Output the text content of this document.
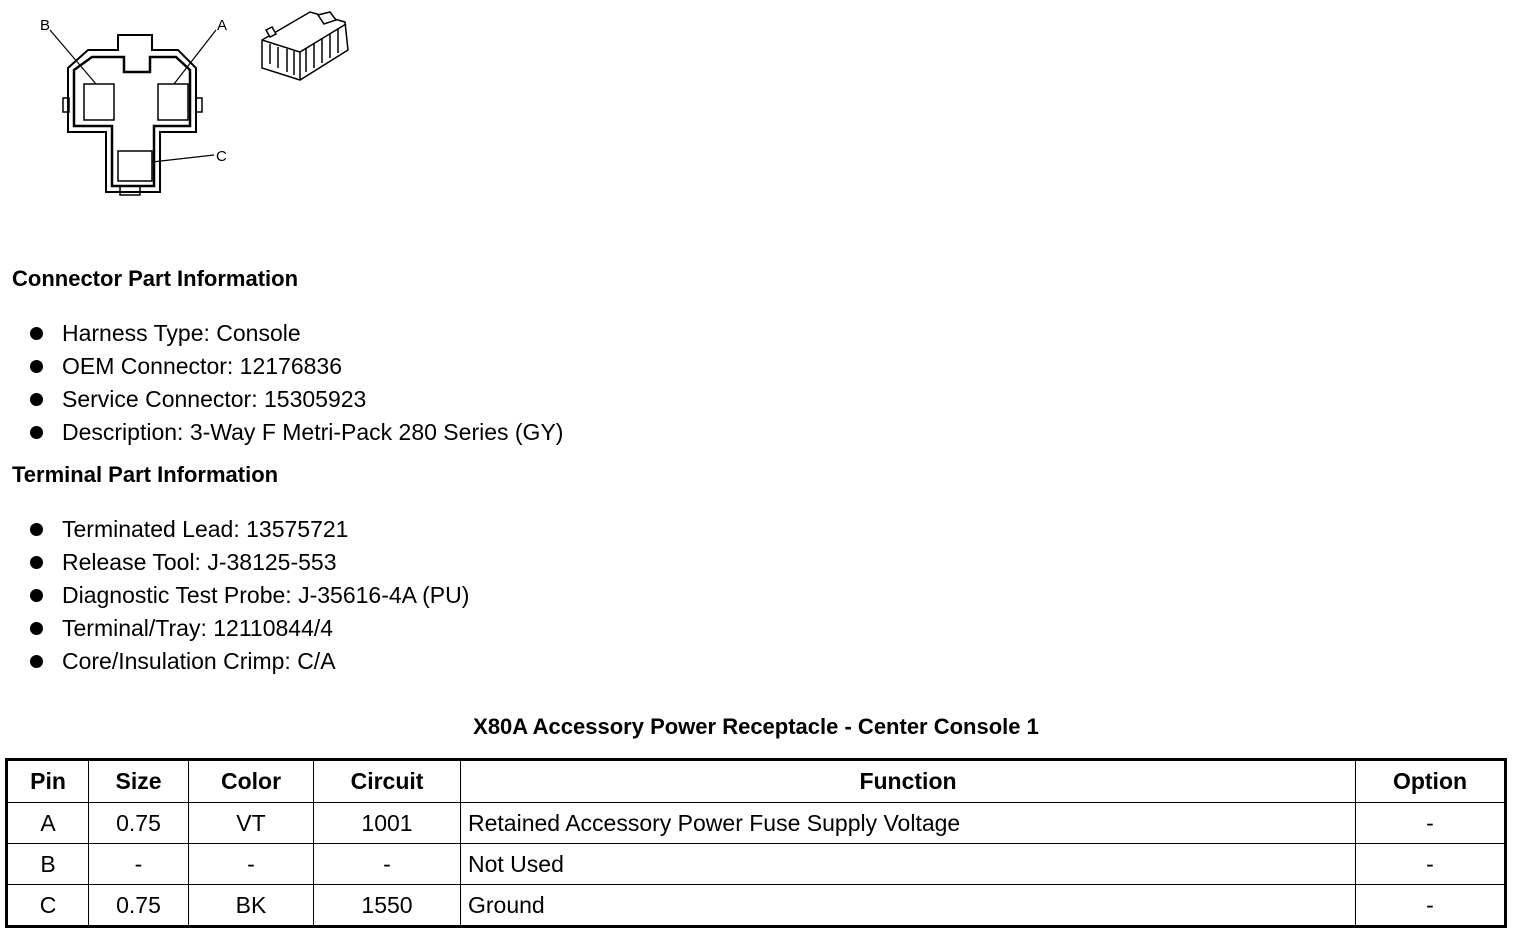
B	A
C
Connector Part Information
Harness Type: Console
OEM Connector: 12176836
Service Connector: 15305923
Description: 3-Way F Metri-Pack 280 Series (GY)
Terminal Part Information
Terminated Lead: 13575721
Release Tool: J-38125-553
Diagnostic Test Probe: J-35616-4A (PU)
Terminal/Tray: 12110844/4
Core/Insulation Crimp: C/A
X80A Accessory Power Receptacle - Center Console 1
Pin	Size	Color	Circuit	Function	Option
A	0.75	VT	1001	Retained Accessory Power Fuse Supply Voltage	-
B	-	-	-	Not Used	-
C	0.75	BK	1550	Ground	-
